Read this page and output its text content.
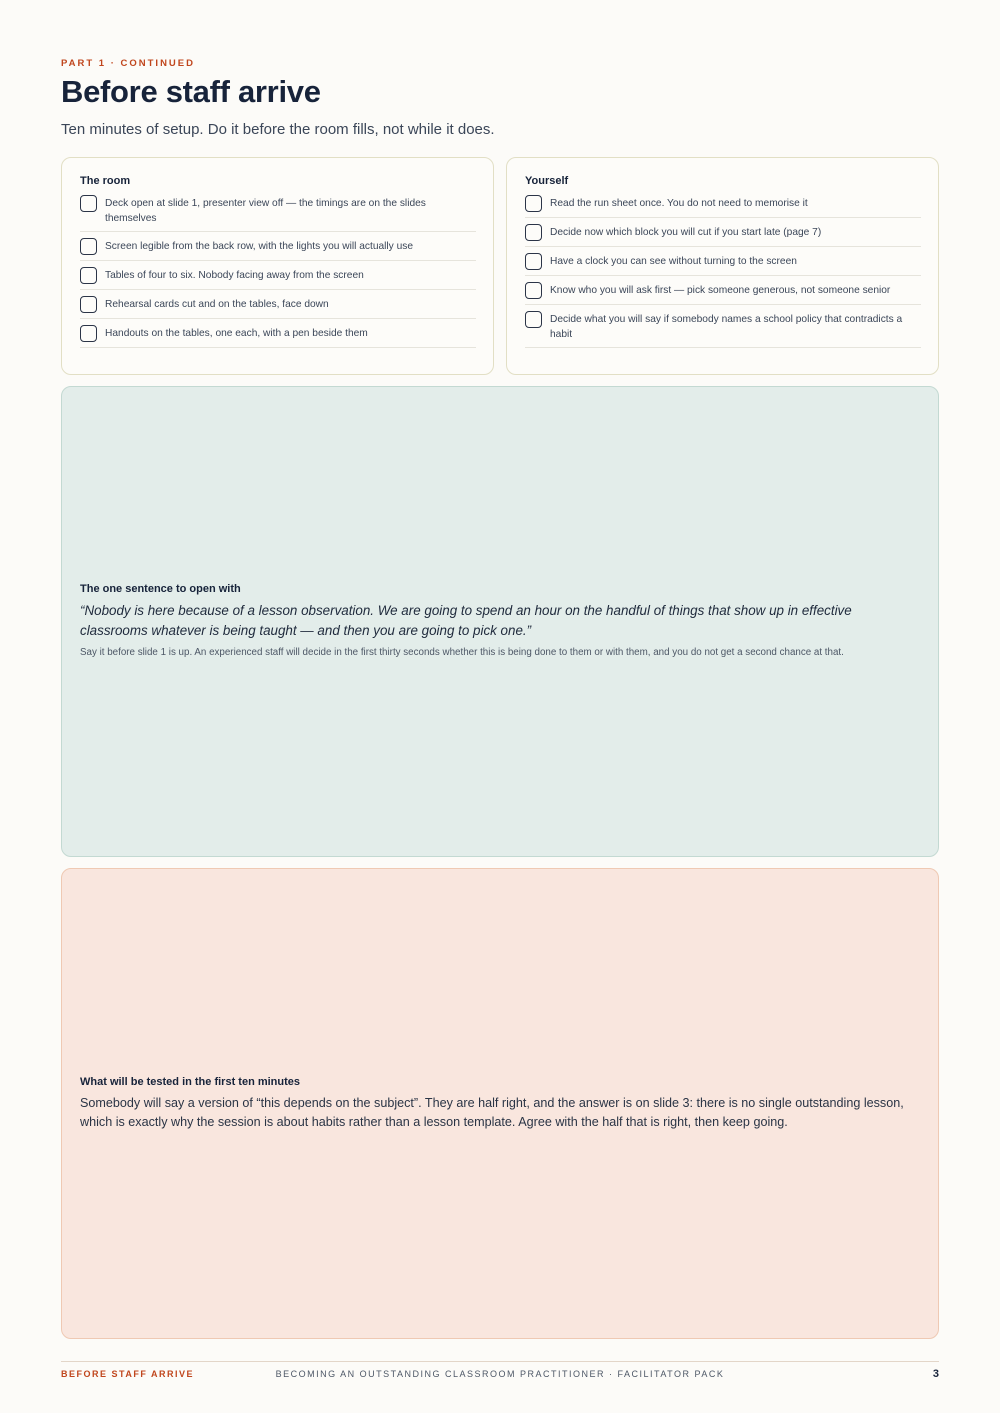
PART 1 · CONTINUED
Before staff arrive

Ten minutes of setup. Do it before the room fills, not while it does.

The room
Deck open at slide 1, presenter view off — the timings are on the slides themselves
Screen legible from the back row, with the lights you will actually use
Tables of four to six. Nobody facing away from the screen
Rehearsal cards cut and on the tables, face down
Handouts on the tables, one each, with a pen beside them
Yourself
Read the run sheet once. You do not need to memorise it
Decide now which block you will cut if you start late (page 7)
Have a clock you can see without turning to the screen
Know who you will ask first — pick someone generous, not someone senior
Decide what you will say if somebody names a school policy that contradicts a habit
The one sentence to open with

“Nobody is here because of a lesson observation. We are going to spend an hour on the handful of things that show up in effective classrooms whatever is being taught — and then you are going to pick one.”

Say it before slide 1 is up. An experienced staff will decide in the first thirty seconds whether this is being done to them or with them, and you do not get a second chance at that.

What will be tested in the first ten minutes

Somebody will say a version of “this depends on the subject”. They are half right, and the answer is on slide 3: there is no single outstanding lesson, which is exactly why the session is about habits rather than a lesson template. Agree with the half that is right, then keep going.

BECOMING AN OUTSTANDING CLASSROOM PRACTITIONER · FACILITATOR PACK
BEFORE STAFF ARRIVE	3
